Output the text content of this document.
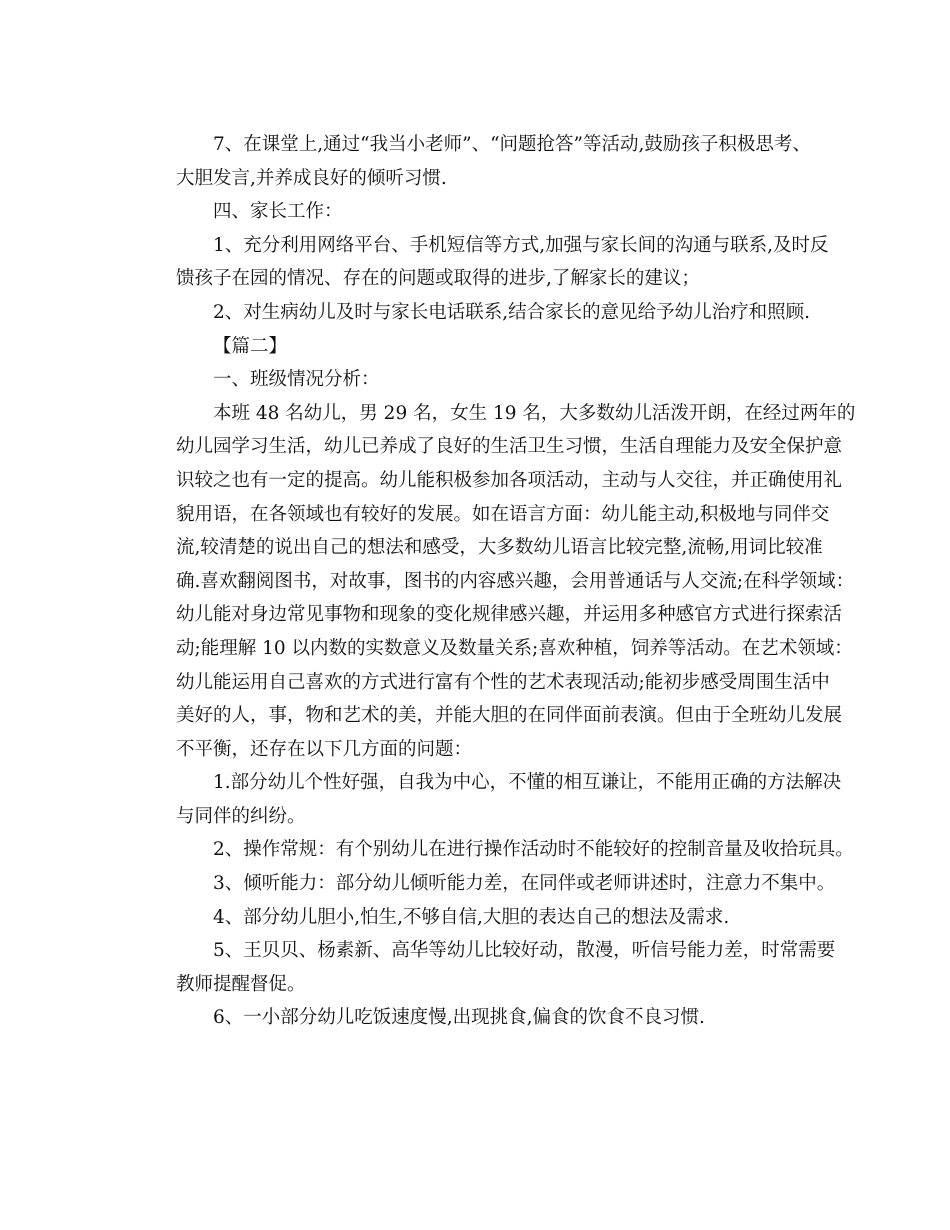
7、在课堂上,通过“我当小老师”、“问题抢答”等活动,鼓励孩子积极思考、
大胆发言,并养成良好的倾听习惯.
四、家长工作：
1、充分利用网络平台、手机短信等方式,加强与家长间的沟通与联系,及时反
馈孩子在园的情况、存在的问题或取得的进步,了解家长的建议；
2、对生病幼儿及时与家长电话联系,结合家长的意见给予幼儿治疗和照顾.
【篇二】
一、班级情况分析：
本班 48 名幼儿，男 29 名，女生 19 名，大多数幼儿活泼开朗，在经过两年的
幼儿园学习生活，幼儿已养成了良好的生活卫生习惯，生活自理能力及安全保护意
识较之也有一定的提高。幼儿能积极参加各项活动，主动与人交往，并正确使用礼
貌用语，在各领域也有较好的发展。如在语言方面：幼儿能主动,积极地与同伴交
流,较清楚的说出自己的想法和感受，大多数幼儿语言比较完整,流畅,用词比较准
确.喜欢翻阅图书，对故事，图书的内容感兴趣，会用普通话与人交流;在科学领域：
幼儿能对身边常见事物和现象的变化规律感兴趣，并运用多种感官方式进行探索活
动;能理解 10 以内数的实数意义及数量关系;喜欢种植，饲养等活动。在艺术领域：
幼儿能运用自己喜欢的方式进行富有个性的艺术表现活动;能初步感受周围生活中
美好的人，事，物和艺术的美，并能大胆的在同伴面前表演。但由于全班幼儿发展
不平衡，还存在以下几方面的问题：
1.部分幼儿个性好强，自我为中心，不懂的相互谦让，不能用正确的方法解决
与同伴的纠纷。
2、操作常规：有个别幼儿在进行操作活动时不能较好的控制音量及收拾玩具。
3、倾听能力：部分幼儿倾听能力差，在同伴或老师讲述时，注意力不集中。
4、部分幼儿胆小,怕生,不够自信,大胆的表达自己的想法及需求.
5、王贝贝、杨素新、高华等幼儿比较好动，散漫，听信号能力差，时常需要
教师提醒督促。
6、一小部分幼儿吃饭速度慢,出现挑食,偏食的饮食不良习惯.
